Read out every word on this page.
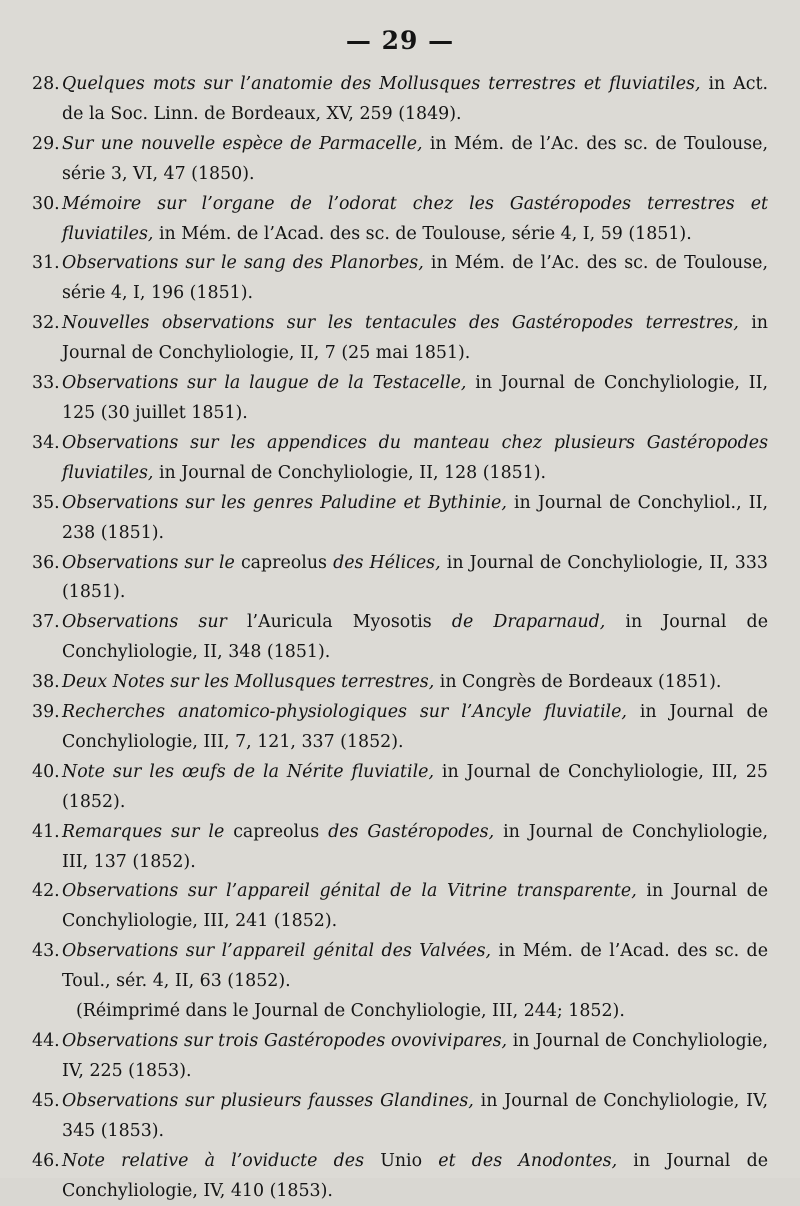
— 29 —
28. Quelques mots sur l’anatomie des Mollusques terrestres et fluviatiles, in Act. de la Soc. Linn. de Bordeaux, XV, 259 (1849).
29. Sur une nouvelle espèce de Parmacelle, in Mém. de l’Ac. des sc. de Toulouse, série 3, VI, 47 (1850).
30. Mémoire sur l’organe de l’odorat chez les Gastéropodes terrestres et fluviatiles, in Mém. de l’Acad. des sc. de Toulouse, série 4, I, 59 (1851).
31. Observations sur le sang des Planorbes, in Mém. de l’Ac. des sc. de Toulouse, série 4, I, 196 (1851).
32. Nouvelles observations sur les tentacules des Gastéropodes terrestres, in Journal de Conchyliologie, II, 7 (25 mai 1851).
33. Observations sur la laugue de la Testacelle, in Journal de Conchyliologie, II, 125 (30 juillet 1851).
34. Observations sur les appendices du manteau chez plusieurs Gastéropodes fluviatiles, in Journal de Conchyliologie, II, 128 (1851).
35. Observations sur les genres Paludine et Bythinie, in Journal de Conchyliol., II, 238 (1851).
36. Observations sur le capreolus des Hélices, in Journal de Conchyliologie, II, 333 (1851).
37. Observations sur l’Auricula Myosotis de Draparnaud, in Journal de Conchyliologie, II, 348 (1851).
38. Deux Notes sur les Mollusques terrestres, in Congrès de Bordeaux (1851).
39. Recherches anatomico-physiologiques sur l’Ancyle fluviatile, in Journal de Conchyliologie, III, 7, 121, 337 (1852).
40. Note sur les œufs de la Nérite fluviatile, in Journal de Conchyliologie, III, 25 (1852).
41. Remarques sur le capreolus des Gastéropodes, in Journal de Conchyliologie, III, 137 (1852).
42. Observations sur l’appareil génital de la Vitrine transparente, in Journal de Conchyliologie, III, 241 (1852).
43. Observations sur l’appareil génital des Valvées, in Mém. de l’Acad. des sc. de Toul., sér. 4, II, 63 (1852).
(Réimprimé dans le Journal de Conchyliologie, III, 244; 1852).
44. Observations sur trois Gastéropodes ovovivipares, in Journal de Conchyliologie, IV, 225 (1853).
45. Observations sur plusieurs fausses Glandines, in Journal de Conchyliologie, IV, 345 (1853).
46. Note relative à l’oviducte des Unio et des Anodontes, in Journal de Conchyliologie, IV, 410 (1853).
